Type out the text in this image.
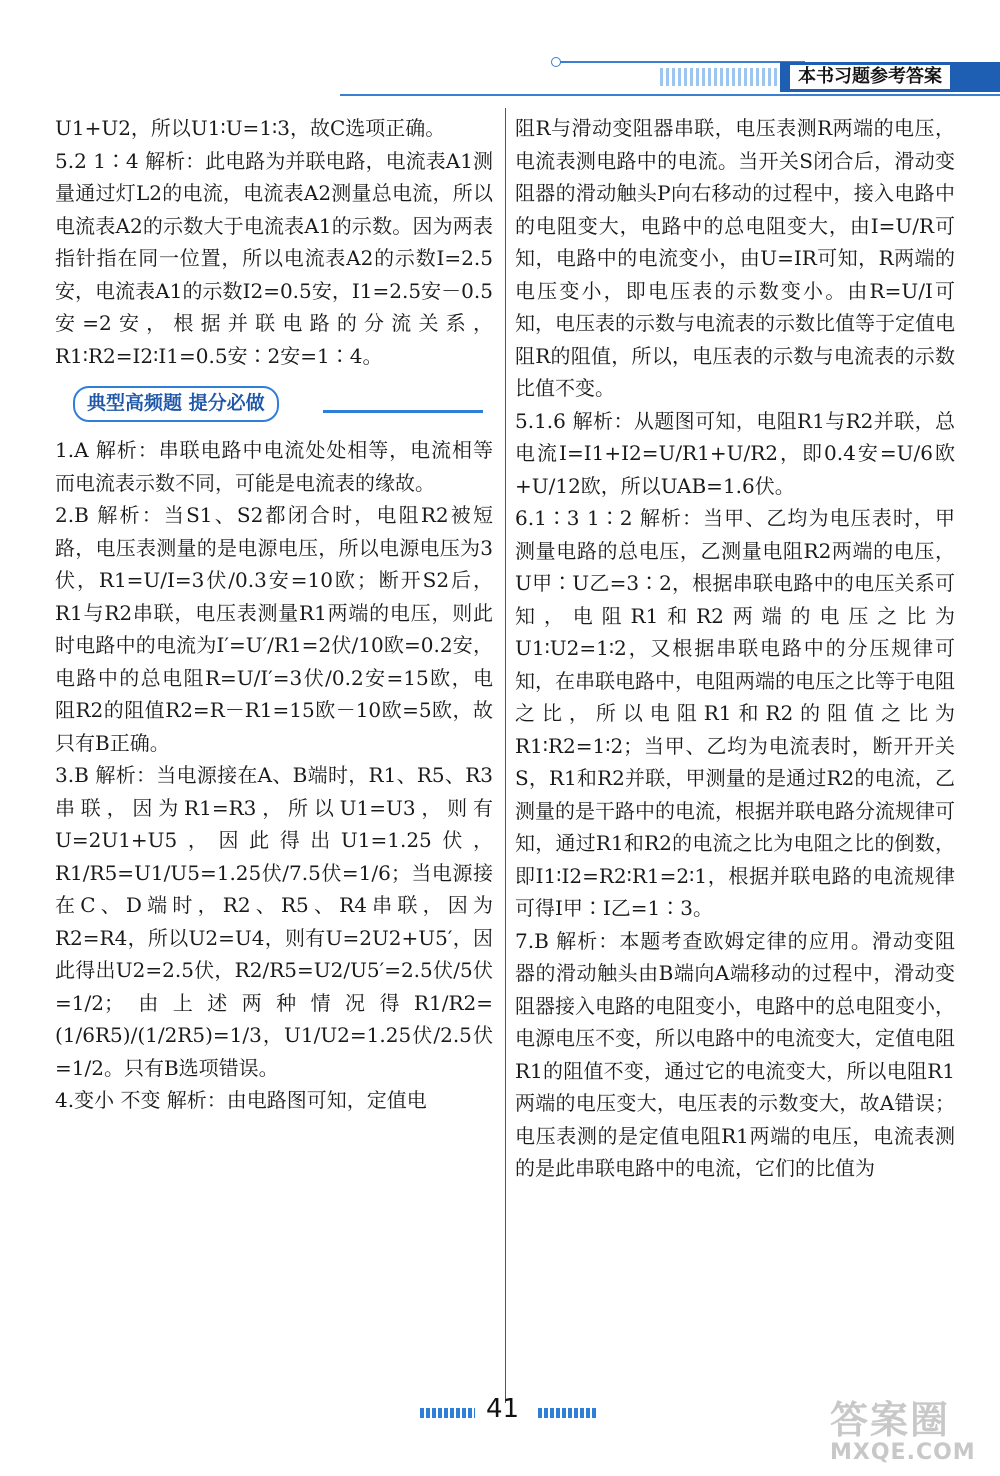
本书习题参考答案

U1+U2，所以U1∶U=1∶3，故C选项正确。

5.2 1∶4 解析：此电路为并联电路，电流表A1测量通过灯L2的电流，电流表A2测量总电流，所以电流表A2的示数大于电流表A1的示数。因为两表指针指在同一位置，所以电流表A2的示数I=2.5安，电流表A1的示数I2=0.5安，I1=2.5安－0.5安=2安，根据并联电路的分流关系，R1∶R2=I2∶I1=0.5安∶2安=1∶4。

典型高频题 提分必做

1.A 解析：串联电路中电流处处相等，电流相等而电流表示数不同，可能是电流表的缘故。

2.B 解析：当S1、S2都闭合时，电阻R2被短路，电压表测量的是电源电压，所以电源电压为3伏，R1=U/I=3伏/0.3安=10欧；断开S2后，R1与R2串联，电压表测量R1两端的电压，则此时电路中的电流为I′=U′/R1=2伏/10欧=0.2安，电路中的总电阻R=U/I′=3伏/0.2安=15欧，电阻R2的阻值R2=R－R1=15欧－10欧=5欧，故只有B正确。

3.B 解析：当电源接在A、B端时，R1、R5、R3串联，因为R1=R3，所以U1=U3，则有U=2U1+U5，因此得出U1=1.25伏，R1/R5=U1/U5=1.25伏/7.5伏=1/6；当电源接在C、D端时，R2、R5、R4串联，因为R2=R4，所以U2=U4，则有U=2U2+U5′，因此得出U2=2.5伏，R2/R5=U2/U5′=2.5伏/5伏=1/2；由上述两种情况得R1/R2=(1/6R5)/(1/2R5)=1/3，U1/U2=1.25伏/2.5伏=1/2。只有B选项错误。

4.变小 不变 解析：由电路图可知，定值电

阻R与滑动变阻器串联，电压表测R两端的电压，电流表测电路中的电流。当开关S闭合后，滑动变阻器的滑动触头P向右移动的过程中，接入电路中的电阻变大，电路中的总电阻变大，由I=U/R可知，电路中的电流变小，由U=IR可知，R两端的电压变小，即电压表的示数变小。由R=U/I可知，电压表的示数与电流表的示数比值等于定值电阻R的阻值，所以，电压表的示数与电流表的示数比值不变。

5.1.6 解析：从题图可知，电阻R1与R2并联，总电流I=I1+I2=U/R1+U/R2，即0.4安=U/6欧+U/12欧，所以UAB=1.6伏。

6.1∶3 1∶2 解析：当甲、乙均为电压表时，甲测量电路的总电压，乙测量电阻R2两端的电压，U甲∶U乙=3∶2，根据串联电路中的电压关系可知，电阻R1和R2两端的电压之比为U1∶U2=1∶2，又根据串联电路中的分压规律可知，在串联电路中，电阻两端的电压之比等于电阻之比，所以电阻R1和R2的阻值之比为R1∶R2=1∶2；当甲、乙均为电流表时，断开开关S，R1和R2并联，甲测量的是通过R2的电流，乙测量的是干路中的电流，根据并联电路分流规律可知，通过R1和R2的电流之比为电阻之比的倒数，即I1∶I2=R2∶R1=2∶1，根据并联电路的电流规律可得I甲∶I乙=1∶3。

7.B 解析：本题考查欧姆定律的应用。滑动变阻器的滑动触头由B端向A端移动的过程中，滑动变阻器接入电路的电阻变小，电路中的总电阻变小，电源电压不变，所以电路中的电流变大，定值电阻R1的阻值不变，通过它的电流变大，所以电阻R1两端的电压变大，电压表的示数变大，故A错误；电压表测的是定值电阻R1两端的电压，电流表测的是此串联电路中的电流，它们的比值为

41	答案圈
MXQE.COM
